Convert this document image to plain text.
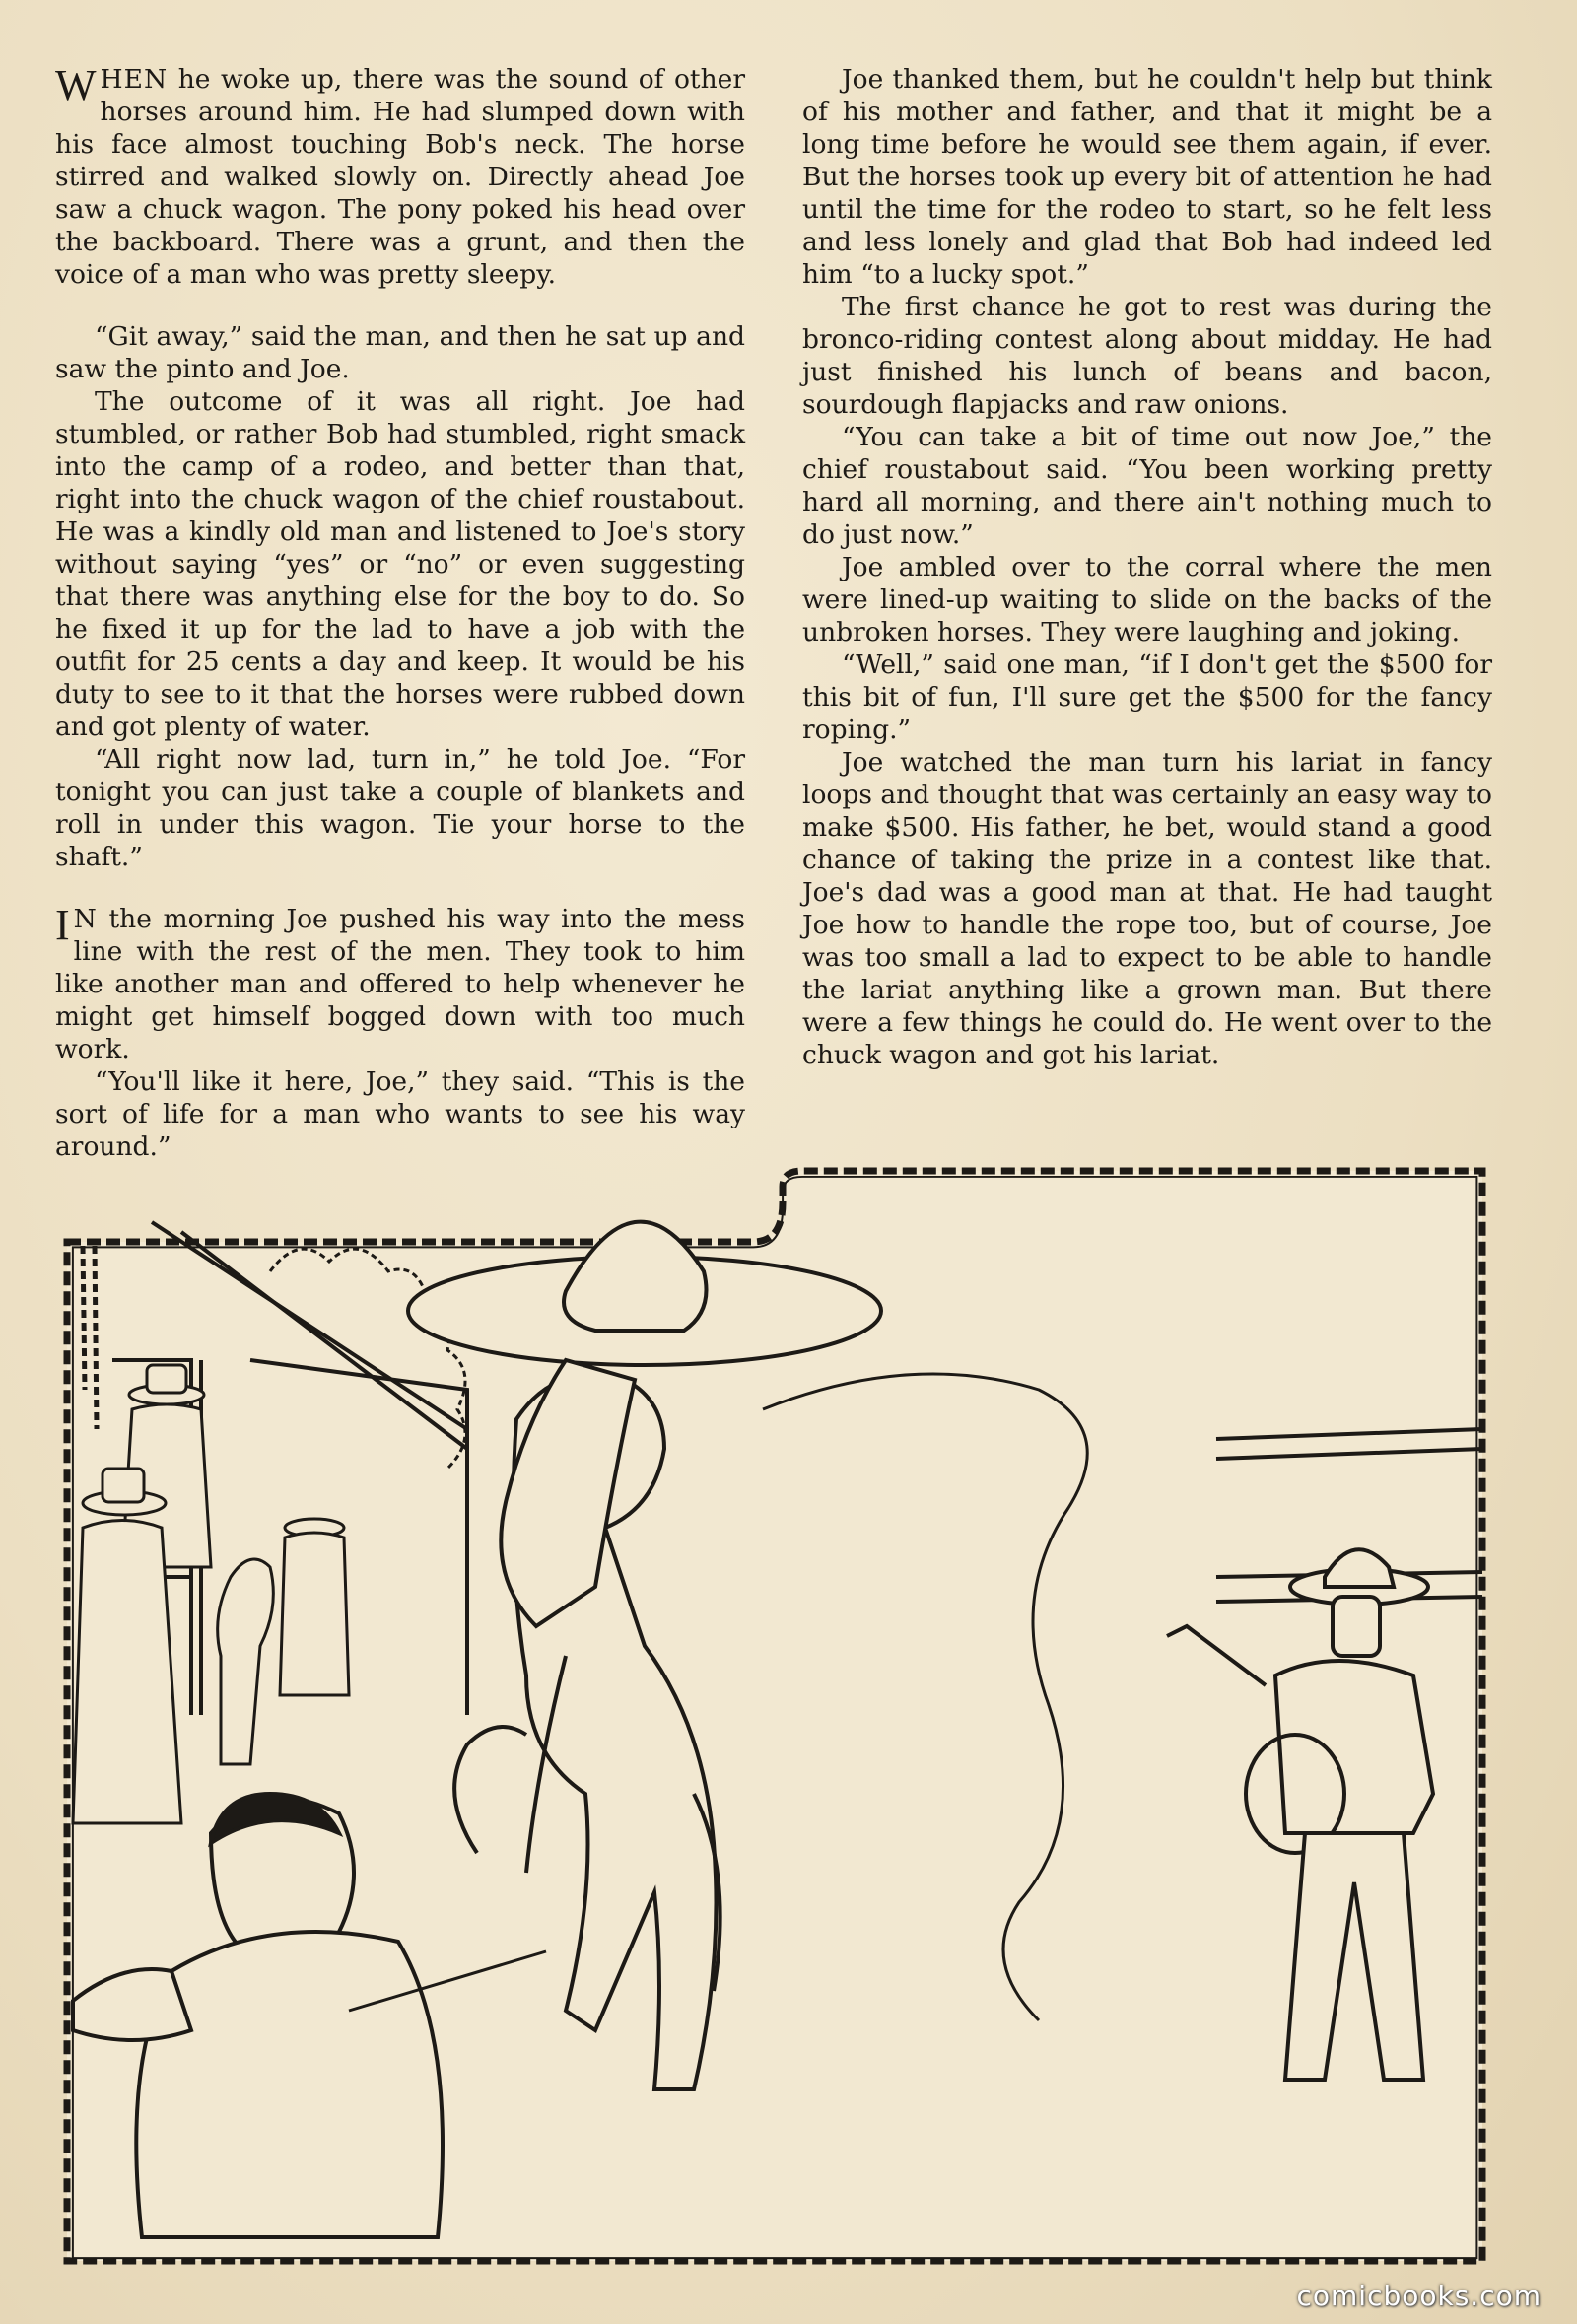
WHEN he woke up, there was the sound of other horses around him. He had slumped down with his face almost touching Bob's neck. The horse stirred and walked slowly on. Directly ahead Joe saw a chuck wagon. The pony poked his head over the backboard. There was a grunt, and then the voice of a man who was pretty sleepy.

“Git away,” said the man, and then he sat up and saw the pinto and Joe.

The outcome of it was all right. Joe had stumbled, or rather Bob had stumbled, right smack into the camp of a rodeo, and better than that, right into the chuck wagon of the chief roustabout. He was a kindly old man and listened to Joe's story without saying “yes” or “no” or even suggesting that there was anything else for the boy to do. So he fixed it up for the lad to have a job with the outfit for 25 cents a day and keep. It would be his duty to see to it that the horses were rubbed down and got plenty of water.

“All right now lad, turn in,” he told Joe. “For tonight you can just take a couple of blankets and roll in under this wagon. Tie your horse to the shaft.”

I N the morning Joe pushed his way into the mess line with the rest of the men. They took to him like another man and offered to help whenever he might get himself bogged down with too much work.

“You'll like it here, Joe,” they said. “This is the sort of life for a man who wants to see his way around.”

Joe thanked them, but he couldn't help but think of his mother and father, and that it might be a long time before he would see them again, if ever. But the horses took up every bit of attention he had until the time for the rodeo to start, so he felt less and less lonely and glad that Bob had indeed led him “to a lucky spot.”

The first chance he got to rest was during the bronco-riding contest along about midday. He had just finished his lunch of beans and bacon, sourdough flapjacks and raw onions.

“You can take a bit of time out now Joe,” the chief roustabout said. “You been working pretty hard all morning, and there ain't nothing much to do just now.”

Joe ambled over to the corral where the men were lined-up waiting to slide on the backs of the unbroken horses. They were laughing and joking.

“Well,” said one man, “if I don't get the $500 for this bit of fun, I'll sure get the $500 for the fancy roping.”

Joe watched the man turn his lariat in fancy loops and thought that was certainly an easy way to make $500. His father, he bet, would stand a good chance of taking the prize in a contest like that. Joe's dad was a good man at that. He had taught Joe how to handle the rope too, but of course, Joe was too small a lad to expect to be able to handle the lariat anything like a grown man. But there were a few things he could do. He went over to the chuck wagon and got his lariat.

comicbooks.com
